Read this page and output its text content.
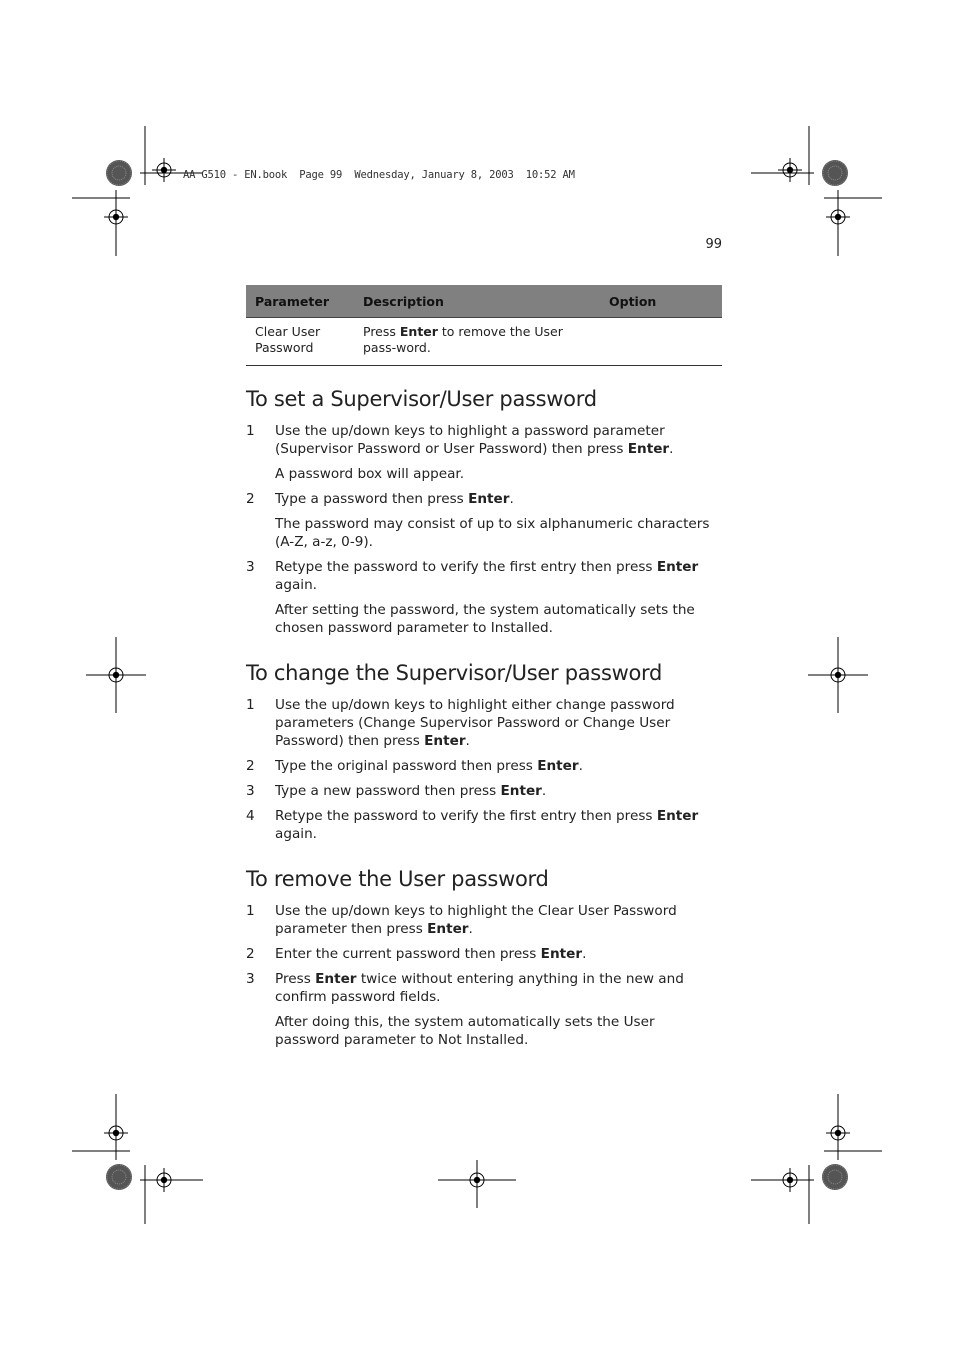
AA G510 - EN.book  Page 99  Wednesday, January 8, 2003  10:52 AM
99
Parameter	Description	Option
Clear User Password	Press Enter to remove the User pass-word.	
To set a Supervisor/User password
1 Use the up/down keys to highlight a password parameter (Supervisor Password or User Password) then press Enter.

A password box will appear.

2 Type a password then press Enter.

The password may consist of up to six alphanumeric characters (A-Z, a-z, 0-9).

3 Retype the password to verify the first entry then press Enter again.

After setting the password, the system automatically sets the chosen password parameter to Installed.

To change the Supervisor/User password
1 Use the up/down keys to highlight either change password parameters (Change Supervisor Password or Change User Password) then press Enter.

2 Type the original password then press Enter.

3 Type a new password then press Enter.

4 Retype the password to verify the first entry then press Enter again.

To remove the User password
1 Use the up/down keys to highlight the Clear User Password parameter then press Enter.

2 Enter the current password then press Enter.

3 Press Enter twice without entering anything in the new and confirm password fields.

After doing this, the system automatically sets the User password parameter to Not Installed.
